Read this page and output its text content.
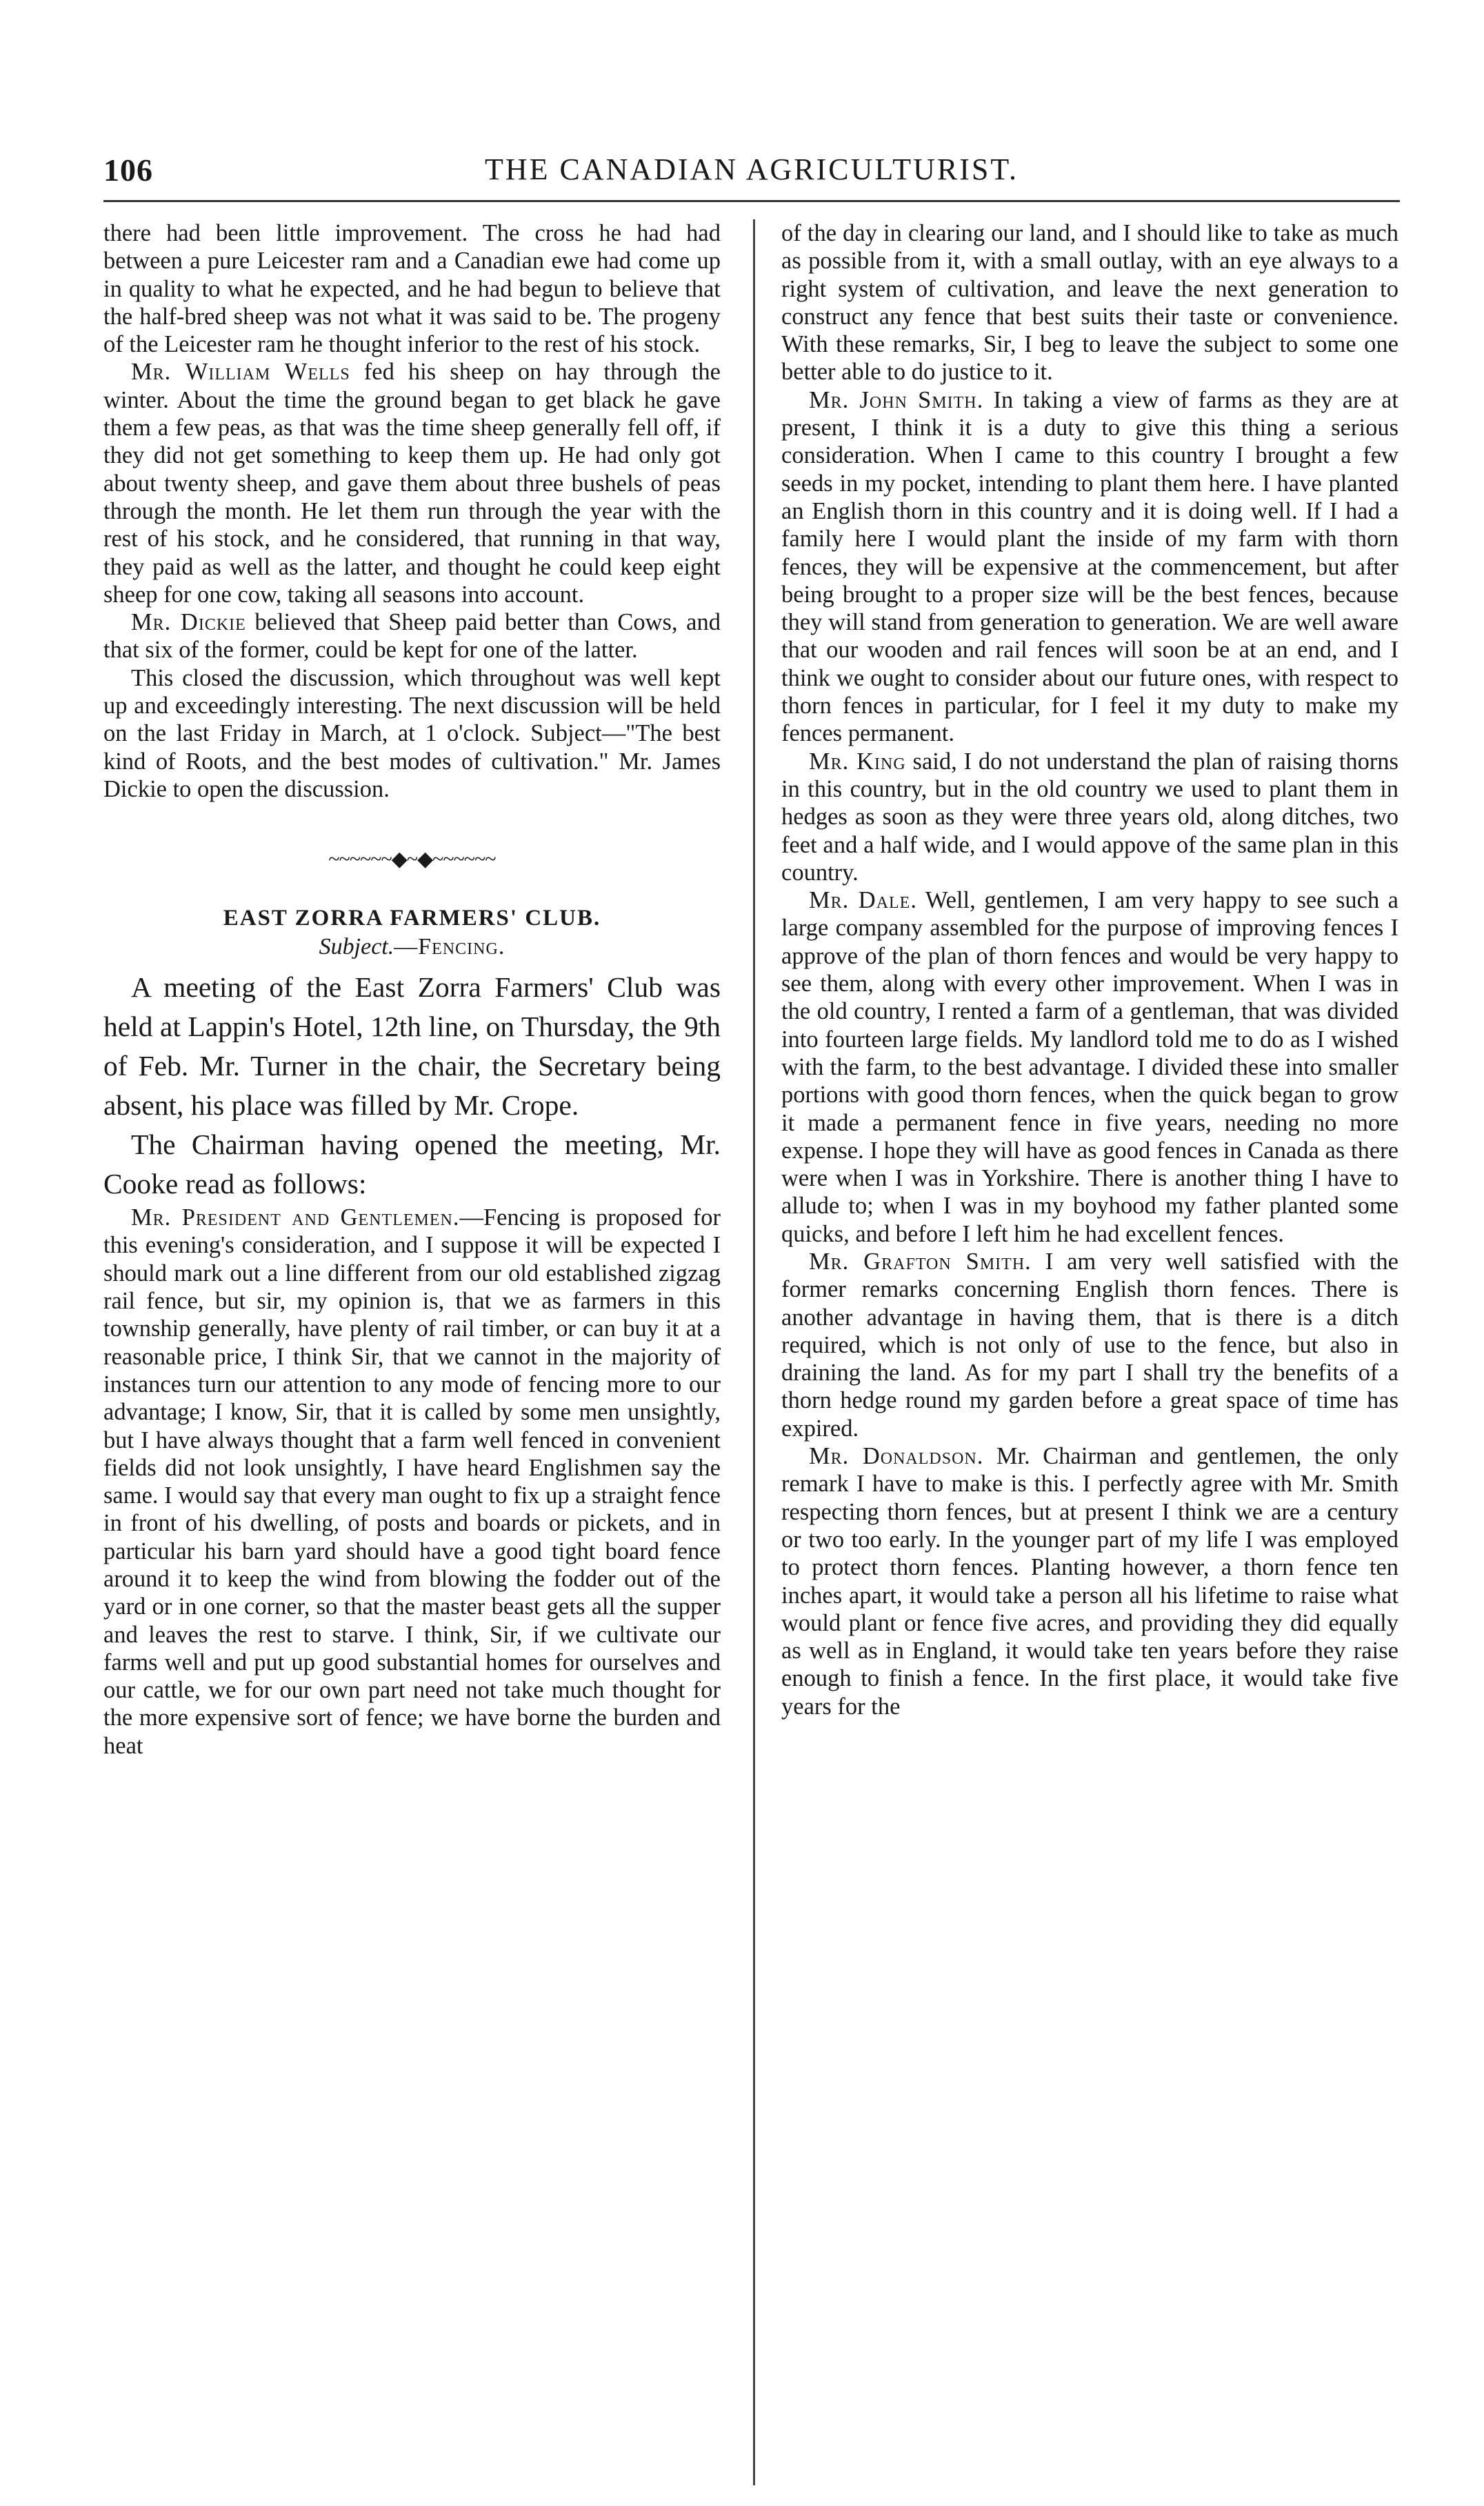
106	THE CANADIAN AGRICULTURIST.

there had been little improvement. The cross he had had between a pure Leicester ram and a Canadian ewe had come up in quality to what he expected, and he had begun to believe that the half-bred sheep was not what it was said to be. The progeny of the Leicester ram he thought inferior to the rest of his stock.

Mr. William Wells fed his sheep on hay through the winter. About the time the ground began to get black he gave them a few peas, as that was the time sheep generally fell off, if they did not get something to keep them up. He had only got about twenty sheep, and gave them about three bushels of peas through the month. He let them run through the year with the rest of his stock, and he considered, that running in that way, they paid as well as the latter, and thought he could keep eight sheep for one cow, taking all seasons into account.

Mr. Dickie believed that Sheep paid better than Cows, and that six of the former, could be kept for one of the latter.

This closed the discussion, which throughout was well kept up and exceedingly interesting. The next discussion will be held on the last Friday in March, at 1 o'clock. Subject—"The best kind of Roots, and the best modes of cultivation." Mr. James Dickie to open the discussion.

~~~~~~◆~◆~~~~~~
EAST ZORRA FARMERS' CLUB.
Subject.—Fencing.

A meeting of the East Zorra Farmers' Club was held at Lappin's Hotel, 12th line, on Thursday, the 9th of Feb. Mr. Turner in the chair, the Secretary being absent, his place was filled by Mr. Crope.

The Chairman having opened the meeting, Mr. Cooke read as follows:

Mr. President and Gentlemen.—Fencing is proposed for this evening's consideration, and I suppose it will be expected I should mark out a line different from our old established zigzag rail fence, but sir, my opinion is, that we as farmers in this township generally, have plenty of rail timber, or can buy it at a reasonable price, I think Sir, that we cannot in the majority of instances turn our attention to any mode of fencing more to our advantage; I know, Sir, that it is called by some men unsightly, but I have always thought that a farm well fenced in convenient fields did not look unsightly, I have heard Englishmen say the same. I would say that every man ought to fix up a straight fence in front of his dwelling, of posts and boards or pickets, and in particular his barn yard should have a good tight board fence around it to keep the wind from blowing the fodder out of the yard or in one corner, so that the master beast gets all the supper and leaves the rest to starve. I think, Sir, if we cultivate our farms well and put up good substantial homes for ourselves and our cattle, we for our own part need not take much thought for the more expensive sort of fence; we have borne the burden and heat

of the day in clearing our land, and I should like to take as much as possible from it, with a small outlay, with an eye always to a right system of cultivation, and leave the next generation to construct any fence that best suits their taste or convenience. With these remarks, Sir, I beg to leave the subject to some one better able to do justice to it.

Mr. John Smith. In taking a view of farms as they are at present, I think it is a duty to give this thing a serious consideration. When I came to this country I brought a few seeds in my pocket, intending to plant them here. I have planted an English thorn in this country and it is doing well. If I had a family here I would plant the inside of my farm with thorn fences, they will be expensive at the commencement, but after being brought to a proper size will be the best fences, because they will stand from generation to generation. We are well aware that our wooden and rail fences will soon be at an end, and I think we ought to consider about our future ones, with respect to thorn fences in particular, for I feel it my duty to make my fences permanent.

Mr. King said, I do not understand the plan of raising thorns in this country, but in the old country we used to plant them in hedges as soon as they were three years old, along ditches, two feet and a half wide, and I would appove of the same plan in this country.

Mr. Dale. Well, gentlemen, I am very happy to see such a large company assembled for the purpose of improving fences I approve of the plan of thorn fences and would be very happy to see them, along with every other improvement. When I was in the old country, I rented a farm of a gentleman, that was divided into fourteen large fields. My landlord told me to do as I wished with the farm, to the best advantage. I divided these into smaller portions with good thorn fences, when the quick began to grow it made a permanent fence in five years, needing no more expense. I hope they will have as good fences in Canada as there were when I was in Yorkshire. There is another thing I have to allude to; when I was in my boyhood my father planted some quicks, and before I left him he had excellent fences.

Mr. Grafton Smith. I am very well satisfied with the former remarks concerning English thorn fences. There is another advantage in having them, that is there is a ditch required, which is not only of use to the fence, but also in draining the land. As for my part I shall try the benefits of a thorn hedge round my garden before a great space of time has expired.

Mr. Donaldson. Mr. Chairman and gentlemen, the only remark I have to make is this. I perfectly agree with Mr. Smith respecting thorn fences, but at present I think we are a century or two too early. In the younger part of my life I was employed to protect thorn fences. Planting however, a thorn fence ten inches apart, it would take a person all his lifetime to raise what would plant or fence five acres, and providing they did equally as well as in England, it would take ten years before they raise enough to finish a fence. In the first place, it would take five years for the
